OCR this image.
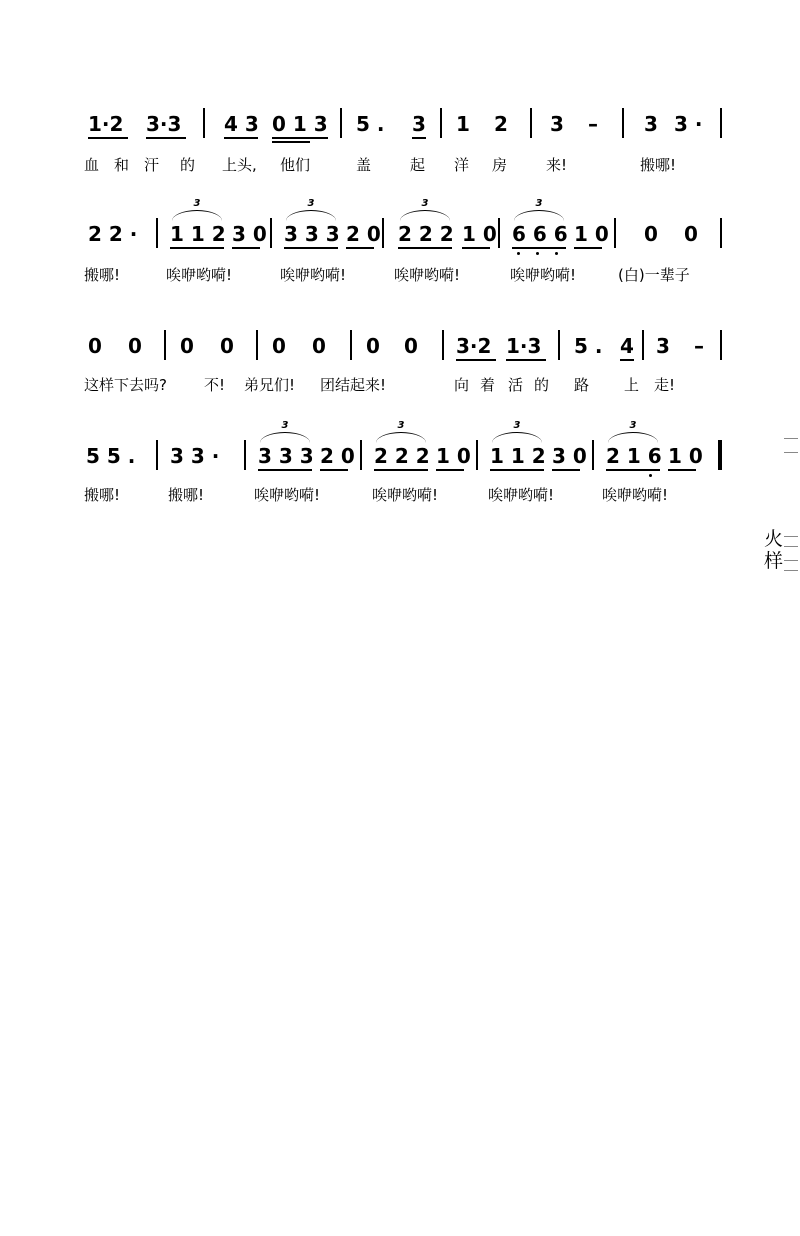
1·2

3·3

4 3

0 1 3

5 .

3

1

2

3

–

3

3 ·

血

和

汗

的

上头,

他们

	盖

	起

洋

房

	来!

	搬哪!

2 2 ·

1 1 2

3 0

3 3 3

2 0

2 2 2

1 0

6 6 6

1 0

0

0

3

	3

	3

	3

搬哪!

	唉咿哟嗬!

	唉咿哟嗬!

	唉咿哟嗬!

	唉咿哟嗬!

	(白)一辈子

0

0

0

0

0

0

0

0

3·2

1·3

5 .

4

3

–

这样下去吗?

不!

弟兄们!

团结起来!

	向

着

活

的

路

上

走!

5 5 .

3 3 ·

3 3 3

2 0

2 2 2

1 0

1 1 2

3 0

2 1 6

1 0

3

	3

	3

	3

搬哪!

	搬哪!

	唉咿哟嗬!

	唉咿哟嗬!

	唉咿哟嗬!

	唉咿哟嗬!

火
样
